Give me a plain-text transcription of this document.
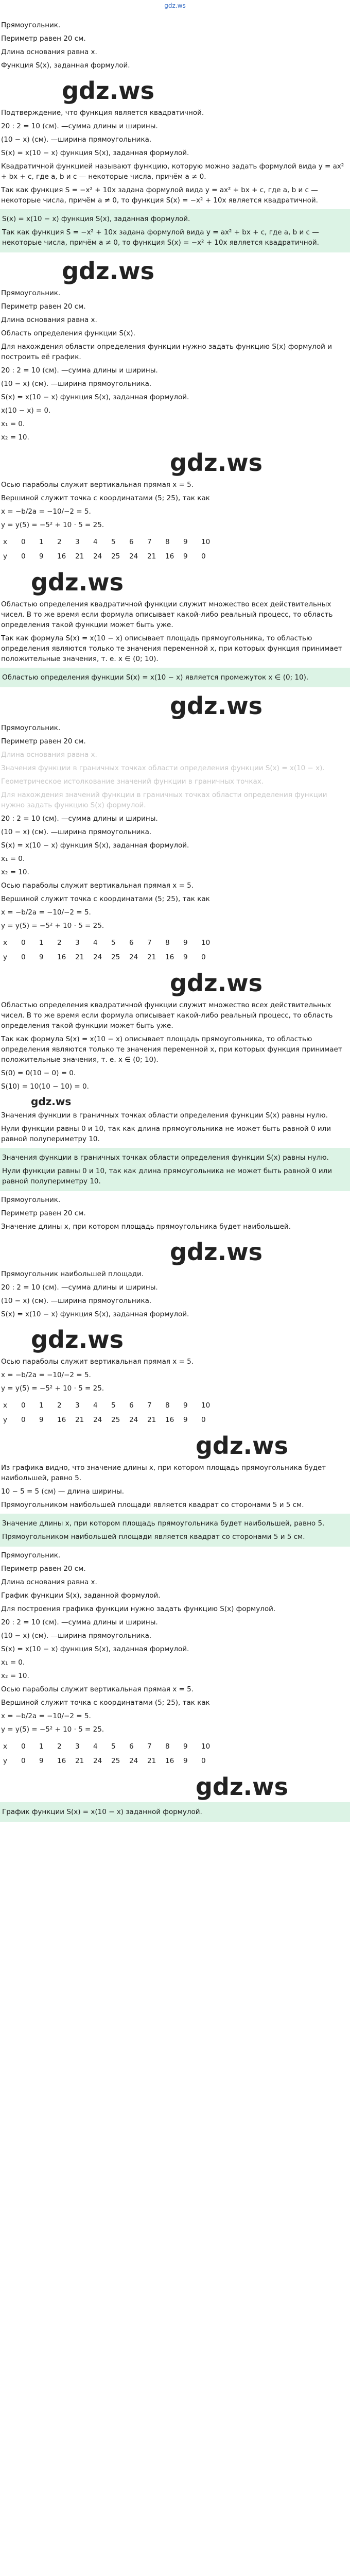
gdz.ws
Прямоугольник.
Периметр равен 20 см.
Длина основания равна x.
Функция S(x), заданная формулой.
gdz.ws
Подтверждение, что функция является квадратичной.
20 : 2 = 10 (см). —сумма длины и ширины.
(10 − x) (см). —ширина прямоугольника.
S(x) = x(10 − x) функция S(x), заданная формулой.
Квадратичной функцией называют функцию, которую можно задать формулой вида y = ax² + bx + c, где a, b и c — некоторые числа, причём a ≠ 0.
Так как функция S = −x² + 10x задана формулой вида y = ax² + bx + c, где a, b и c — некоторые числа, причём a ≠ 0, то функция S(x) = −x² + 10x является квадратичной.
S(x) = x(10 − x) функция S(x), заданная формулой.
Так как функция S = −x² + 10x задана формулой вида y = ax² + bx + c, где a, b и c — некоторые числа, причём a ≠ 0, то функция S(x) = −x² + 10x является квадратичной.
gdz.ws
Прямоугольник.
Периметр равен 20 см.
Длина основания равна x.
Область определения функции S(x).
Для нахождения области определения функции нужно задать функцию S(x) формулой и построить её график.
20 : 2 = 10 (см). —сумма длины и ширины.
(10 − x) (см). —ширина прямоугольника.
S(x) = x(10 − x) функция S(x), заданная формулой.
x(10 − x) = 0.
x₁ = 0.
x₂ = 10.
gdz.ws
Осью параболы служит вертикальная прямая x = 5.
Вершиной служит точка с координатами (5; 25), так как
x = −b/2a = −10/−2 = 5.
y = y(5) = −5² + 10 · 5 = 25.
x	0	1	2	3	4	5	6	7	8	9	10
y	0	9	16	21	24	25	24	21	16	9	0
gdz.ws
Областью определения квадратичной функции служит множество всех действительных чисел. В то же время если формула описывает какой-либо реальный процесс, то область определения такой функции может быть уже.
Так как формула S(x) = x(10 − x) описывает площадь прямоугольника, то областью определения являются только те значения переменной x, при которых функция принимает положительные значения, т. е. x ∈ (0; 10).
Областью определения функции S(x) = x(10 − x) является промежуток x ∈ (0; 10).
gdz.ws
Прямоугольник.
Периметр равен 20 см.
Длина основания равна x.
Значения функции в граничных точках области определения функции S(x) = x(10 − x).
Геометрическое истолкование значений функции в граничных точках.
Для нахождения значений функции в граничных точках области определения функции нужно задать функцию S(x) формулой.
20 : 2 = 10 (см). —сумма длины и ширины.
(10 − x) (см). —ширина прямоугольника.
S(x) = x(10 − x) функция S(x), заданная формулой.
x₁ = 0.
x₂ = 10.
Осью параболы служит вертикальная прямая x = 5.
Вершиной служит точка с координатами (5; 25), так как
x = −b/2a = −10/−2 = 5.
y = y(5) = −5² + 10 · 5 = 25.
x	0	1	2	3	4	5	6	7	8	9	10
y	0	9	16	21	24	25	24	21	16	9	0
gdz.ws
Областью определения квадратичной функции служит множество всех действительных чисел. В то же время если формула описывает какой-либо реальный процесс, то область определения такой функции может быть уже.
Так как формула S(x) = x(10 − x) описывает площадь прямоугольника, то областью определения являются только те значения переменной x, при которых функция принимает положительные значения, т. е. x ∈ (0; 10).
S(0) = 0(10 − 0) = 0.
S(10) = 10(10 − 10) = 0.
gdz.ws
Значения функции в граничных точках области определения функции S(x) равны нулю.
Нули функции равны 0 и 10, так как длина прямоугольника не может быть равной 0 или равной полупериметру 10.
Значения функции в граничных точках области определения функции S(x) равны нулю.
Нули функции равны 0 и 10, так как длина прямоугольника не может быть равной 0 или равной полупериметру 10.
Прямоугольник.
Периметр равен 20 см.
Значение длины x, при котором площадь прямоугольника будет наибольшей.
gdz.ws
Прямоугольник наибольшей площади.
20 : 2 = 10 (см). —сумма длины и ширины.
(10 − x) (см). —ширина прямоугольника.
S(x) = x(10 − x) функция S(x), заданная формулой.
gdz.ws
Осью параболы служит вертикальная прямая x = 5.
x = −b/2a = −10/−2 = 5.
y = y(5) = −5² + 10 · 5 = 25.
x	0	1	2	3	4	5	6	7	8	9	10
y	0	9	16	21	24	25	24	21	16	9	0
gdz.ws
Из графика видно, что значение длины x, при котором площадь прямоугольника будет наибольшей, равно 5.
10 − 5 = 5 (см) — длина ширины.
Прямоугольником наибольшей площади является квадрат со сторонами 5 и 5 см.
Значение длины x, при котором площадь прямоугольника будет наибольшей, равно 5.
Прямоугольником наибольшей площади является квадрат со сторонами 5 и 5 см.
Прямоугольник.
Периметр равен 20 см.
Длина основания равна x.
График функции S(x), заданной формулой.
Для построения графика функции нужно задать функцию S(x) формулой.
20 : 2 = 10 (см). —сумма длины и ширины.
(10 − x) (см). —ширина прямоугольника.
S(x) = x(10 − x) функция S(x), заданная формулой.
x₁ = 0.
x₂ = 10.
Осью параболы служит вертикальная прямая x = 5.
Вершиной служит точка с координатами (5; 25), так как
x = −b/2a = −10/−2 = 5.
y = y(5) = −5² + 10 · 5 = 25.
x	0	1	2	3	4	5	6	7	8	9	10
y	0	9	16	21	24	25	24	21	16	9	0
gdz.ws
График функции S(x) = x(10 − x) заданной формулой.
